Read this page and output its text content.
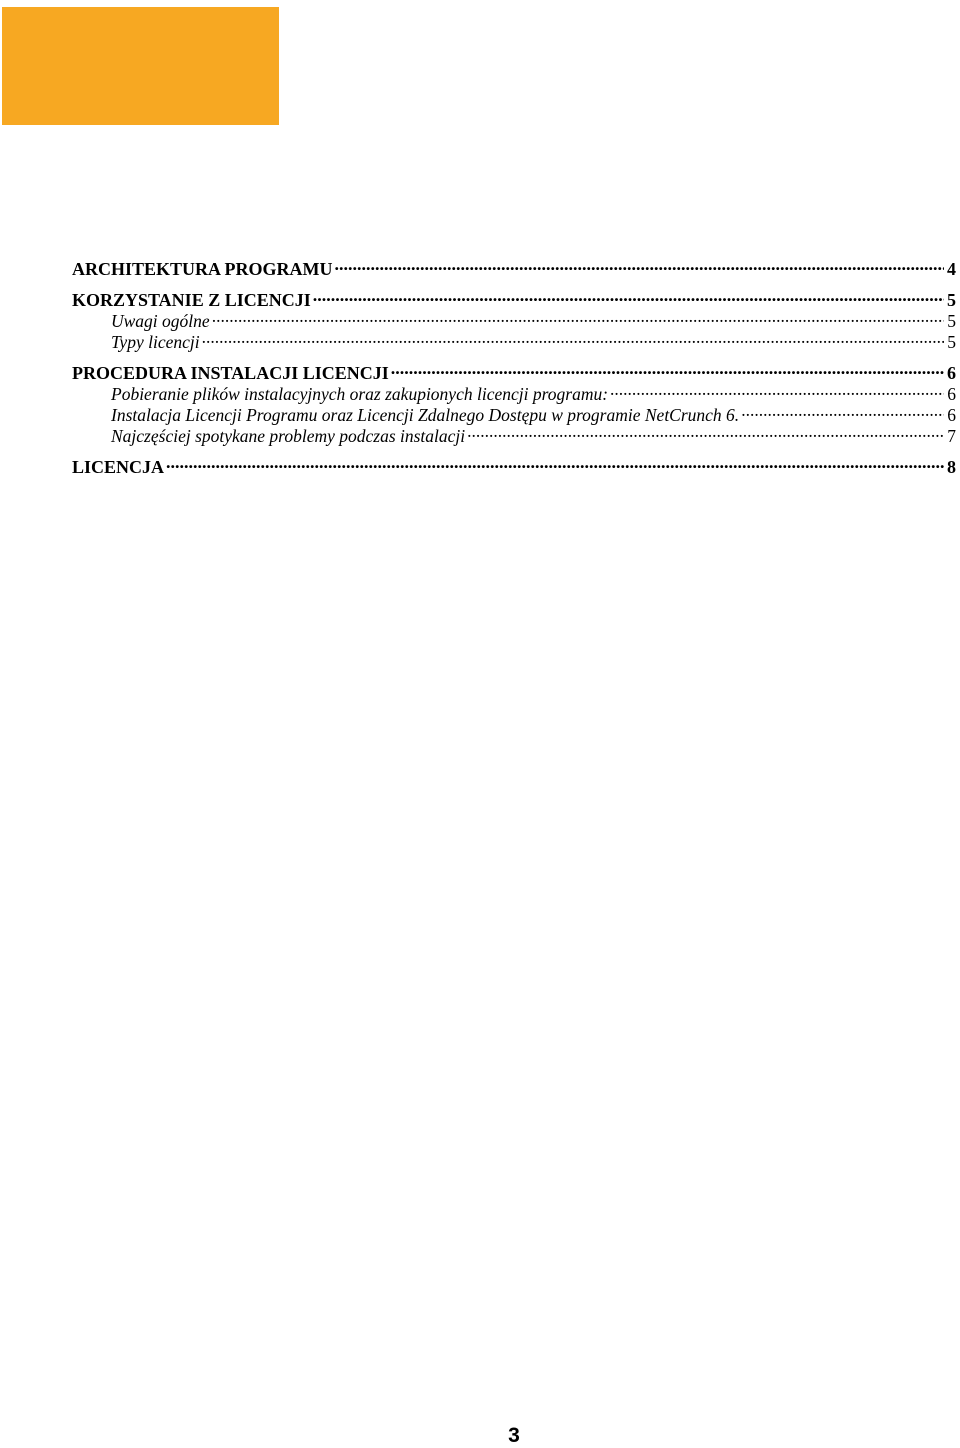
ARCHITEKTURA PROGRAMU .....	4
KORZYSTANIE Z LICENCJI .....	5
Uwagi ogólne .....	5
Typy licencji .....	5
PROCEDURA INSTALACJI LICENCJI .....	6
Pobieranie plików instalacyjnych oraz zakupionych licencji programu: .....	6
Instalacja Licencji Programu oraz Licencji Zdalnego Dostępu w programie NetCrunch 6. .....	6
Najczęściej spotykane problemy podczas instalacji .....	7
LICENCJA .....	8
3
